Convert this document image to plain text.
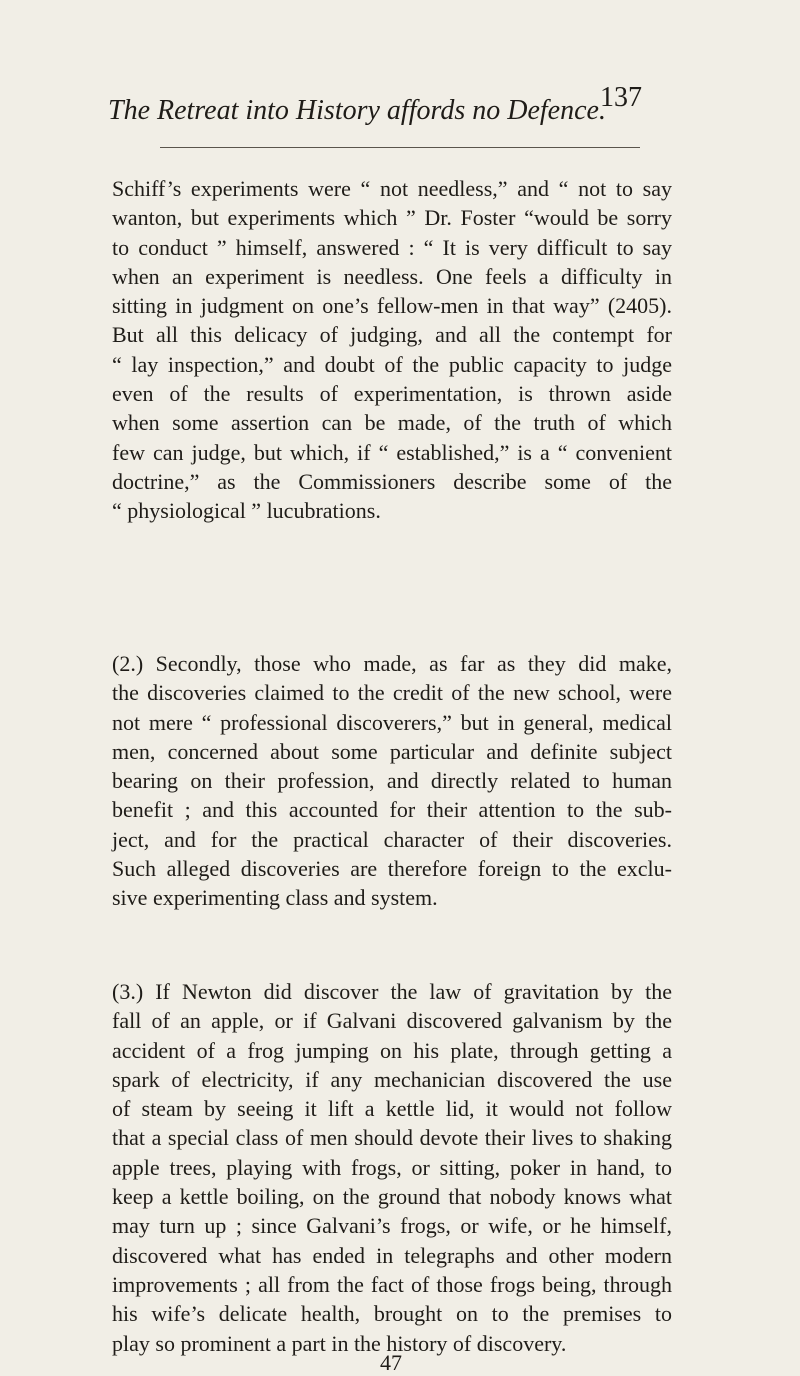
The Retreat into History affords no Defence.
137
Schiff’s experiments were “ not needless,” and “ not to say
wanton, but experiments which ” Dr. Foster “would be sorry
to conduct ” himself, answered : “ It is very difficult to say
when an experiment is needless. One feels a difficulty in
sitting in judgment on one’s fellow-men in that way” (2405).
But all this delicacy of judging, and all the contempt for
“ lay inspection,” and doubt of the public capacity to judge
even of the results of experimentation, is thrown aside
when some assertion can be made, of the truth of which
few can judge, but which, if “ established,” is a “ convenient
doctrine,” as the Commissioners describe some of the
“ physiological ” lucubrations.
(2.) Secondly, those who made, as far as they did make,
the discoveries claimed to the credit of the new school, were
not mere “ professional discoverers,” but in general, medical
men, concerned about some particular and definite subject
bearing on their profession, and directly related to human
benefit ; and this accounted for their attention to the sub-
ject, and for the practical character of their discoveries.
Such alleged discoveries are therefore foreign to the exclu-
sive experimenting class and system.
(3.) If Newton did discover the law of gravitation by the
fall of an apple, or if Galvani discovered galvanism by the
accident of a frog jumping on his plate, through getting a
spark of electricity, if any mechanician discovered the use
of steam by seeing it lift a kettle lid, it would not follow
that a special class of men should devote their lives to shaking
apple trees, playing with frogs, or sitting, poker in hand, to
keep a kettle boiling, on the ground that nobody knows what
may turn up ; since Galvani’s frogs, or wife, or he himself,
discovered what has ended in telegraphs and other modern
improvements ; all from the fact of those frogs being, through
his wife’s delicate health, brought on to the premises to
play so prominent a part in the history of discovery.
47
